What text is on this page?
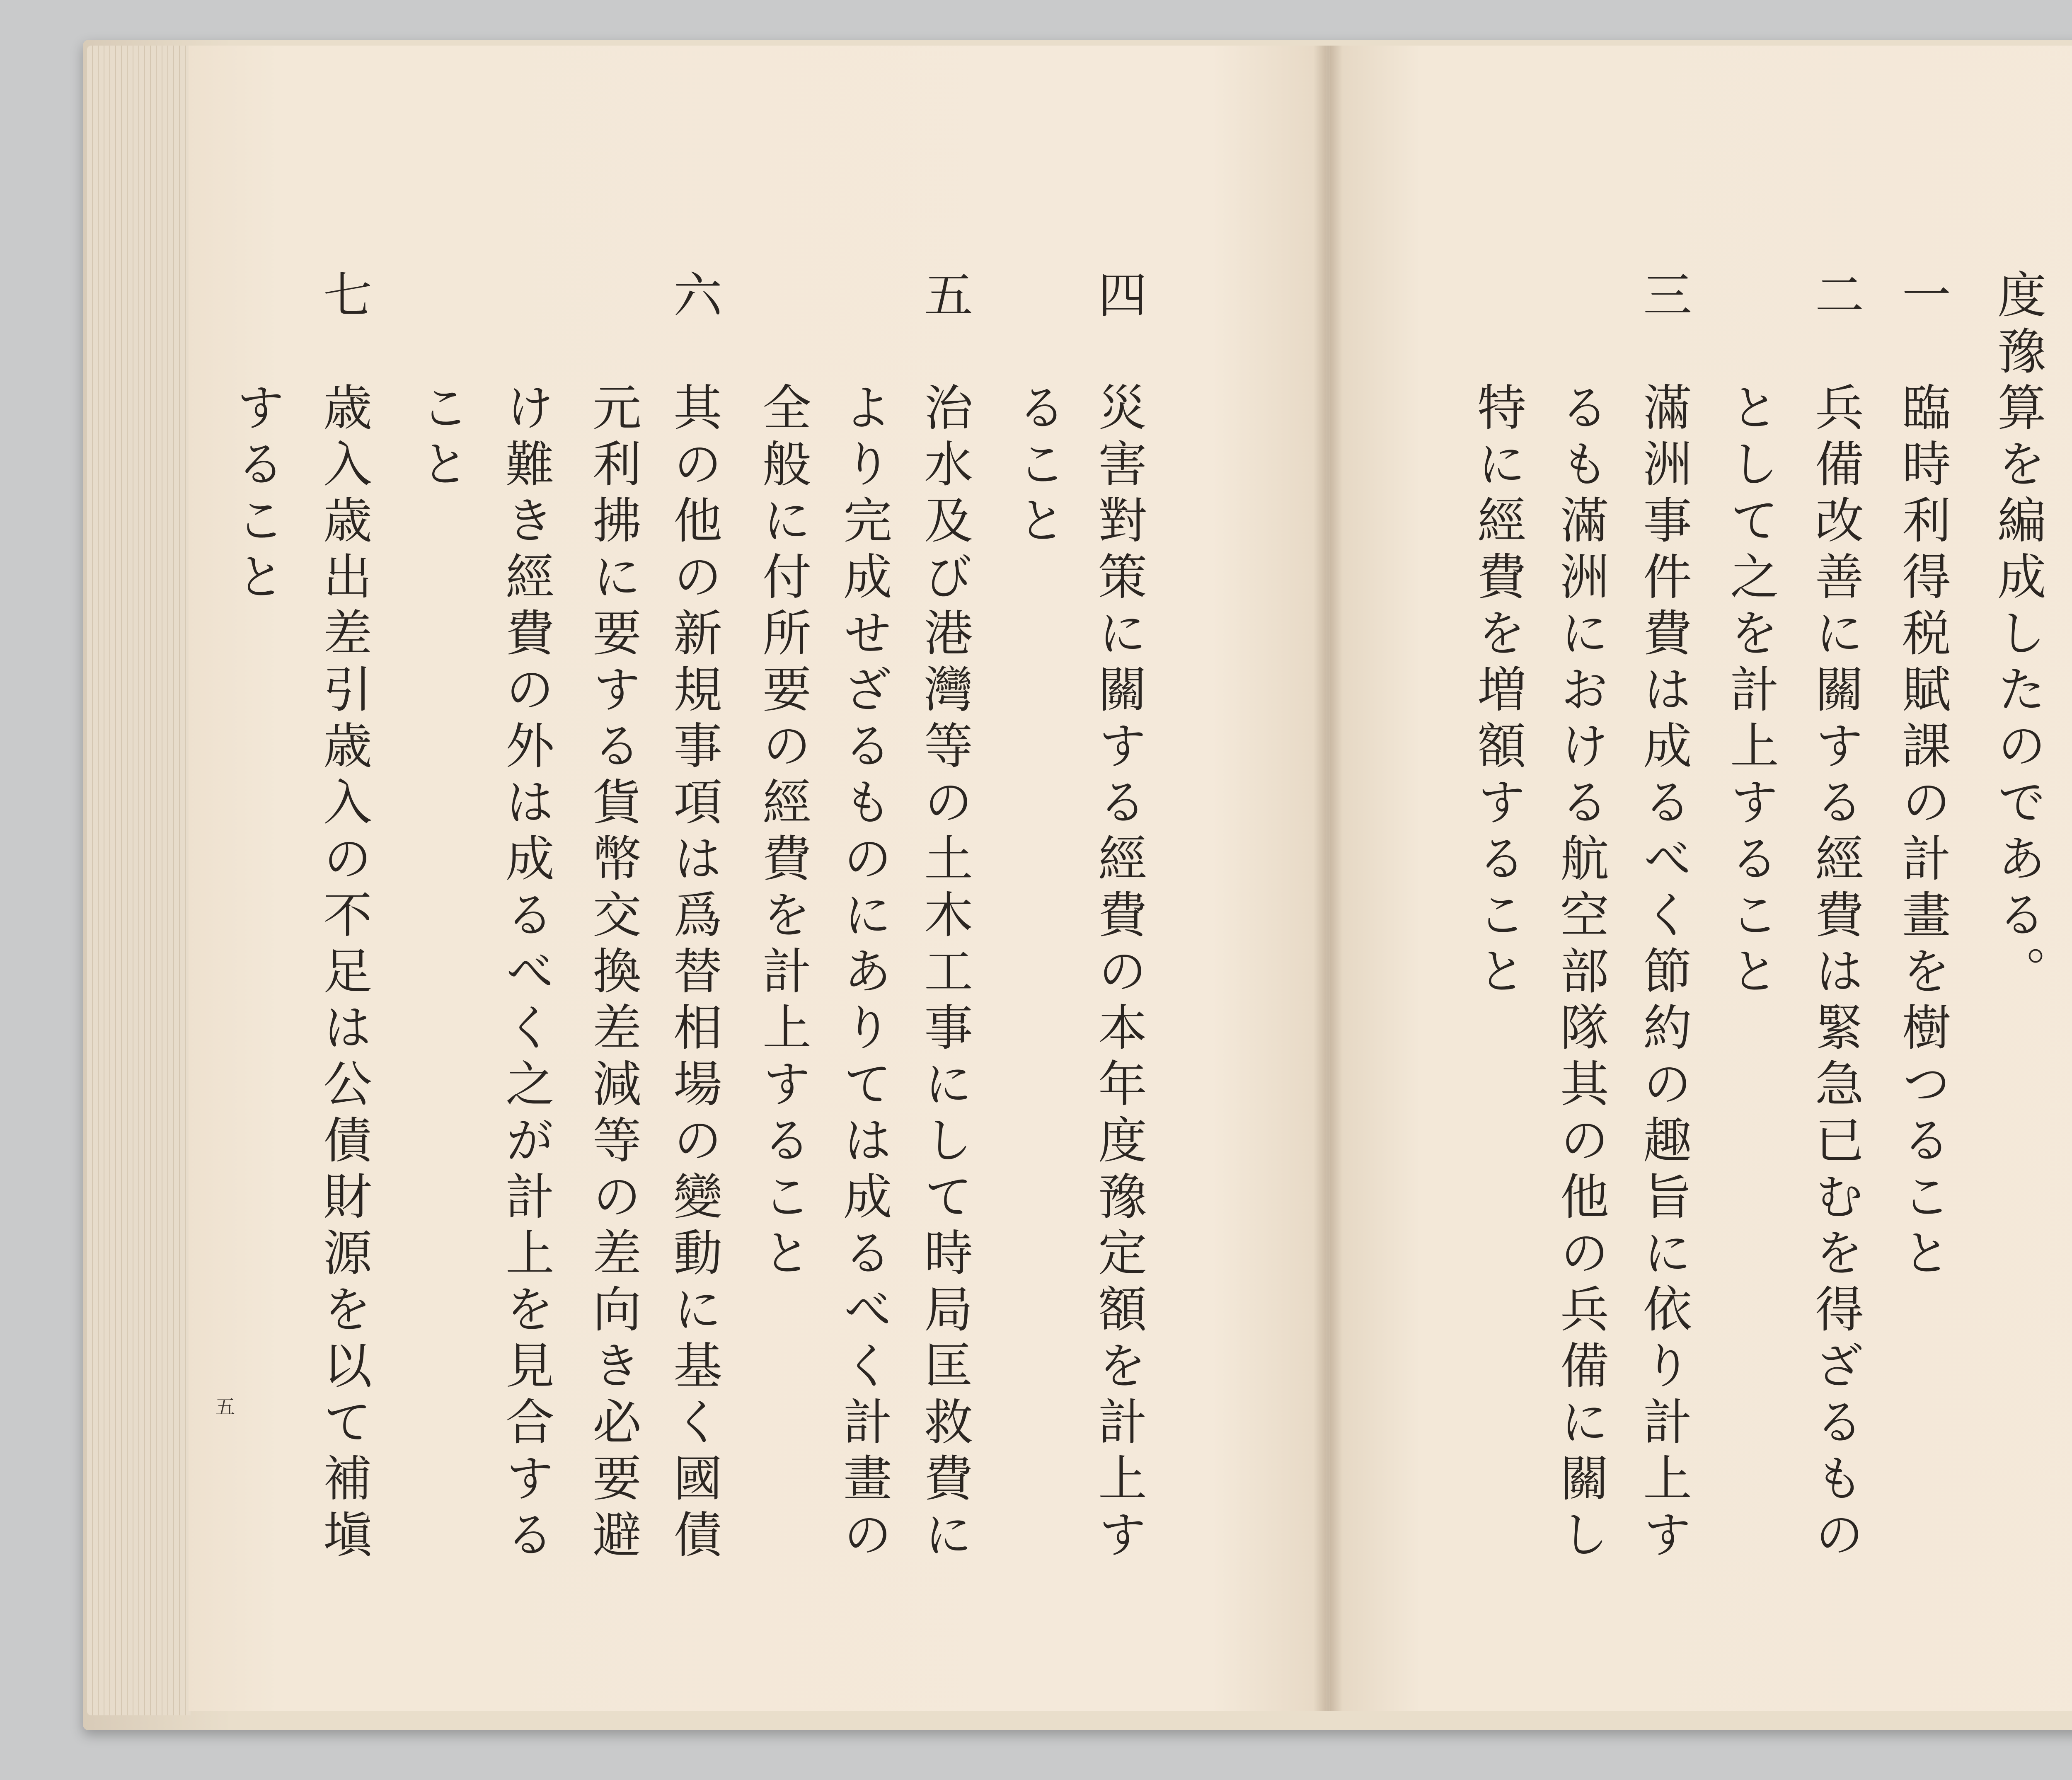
四　災害對策に關する經費の本年度豫定額を計上す
　　ること
五　治水及び港灣等の土木工事にして時局匡救費に
　　より完成せざるものにありては成るべく計畫の
　　全般に付所要の經費を計上すること
六　其の他の新規事項は爲替相場の變動に基く國債
　　元利拂に要する貨幣交換差減等の差向き必要避
　　け難き經費の外は成るべく之が計上を見合する
　　こと
七　歳入歳出差引歳入の不足は公債財源を以て補塡
　　すること
五
度豫算を編成したのである。
一　臨時利得税賦課の計畫を樹つること
二　兵備改善に關する經費は緊急已むを得ざるもの
　　として之を計上すること
三　滿洲事件費は成るべく節約の趣旨に依り計上す
　　るも滿洲における航空部隊其の他の兵備に關し
　　特に經費を増額すること
